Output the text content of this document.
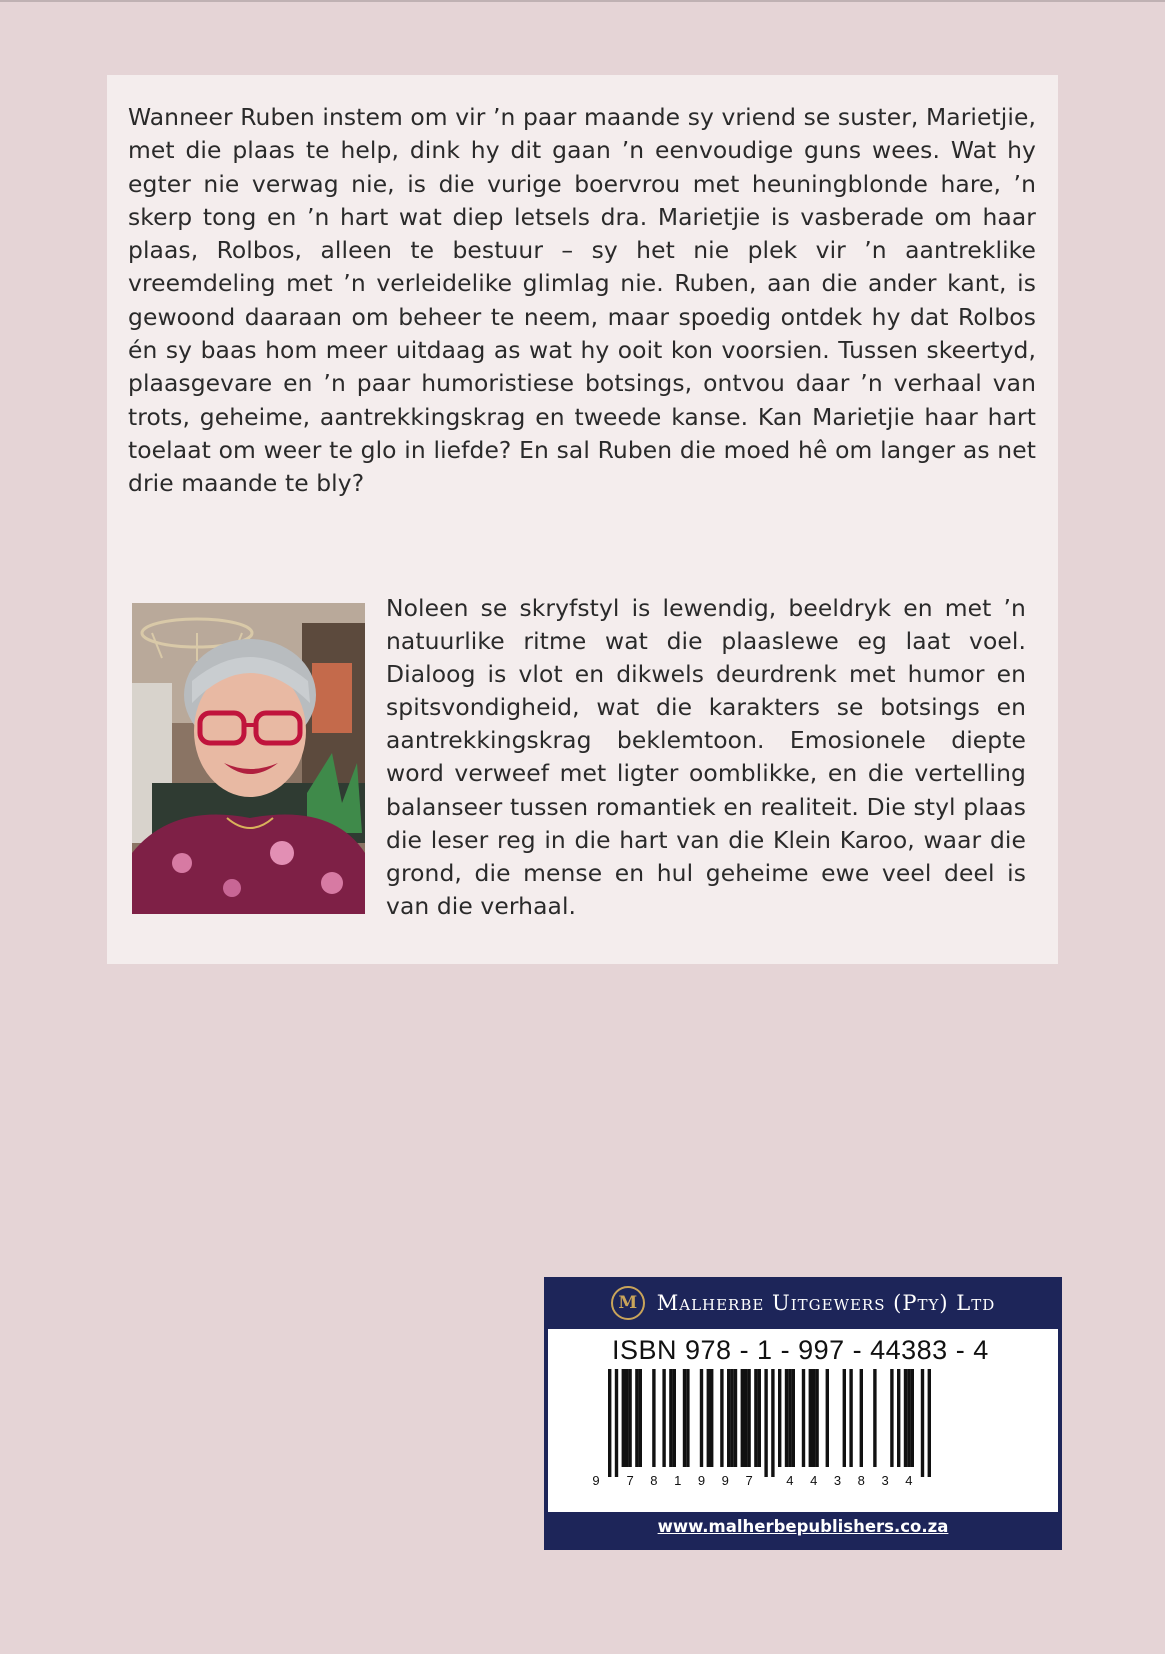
Wanneer Ruben instem om vir ’n paar maande sy vriend se suster, Marietjie, met die plaas te help, dink hy dit gaan ’n eenvoudige guns wees. Wat hy egter nie verwag nie, is die vurige boervrou met heuningblonde hare, ’n skerp tong en ’n hart wat diep letsels dra. Marietjie is vasberade om haar plaas, Rolbos, alleen te bestuur – sy het nie plek vir ’n aantreklike vreemdeling met ’n verleidelike glimlag nie. Ruben, aan die ander kant, is gewoond daaraan om beheer te neem, maar spoedig ontdek hy dat Rolbos én sy baas hom meer uitdaag as wat hy ooit kon voorsien. Tussen skeertyd, plaasgevare en ’n paar humoristiese botsings, ontvou daar ’n verhaal van trots, geheime, aantrekkingskrag en tweede kanse. Kan Marietjie haar hart toelaat om weer te glo in liefde? En sal Ruben die moed hê om langer as net drie maande te bly?

Noleen se skryfstyl is lewendig, beeldryk en met ’n natuurlike ritme wat die plaaslewe eg laat voel. Dialoog is vlot en dikwels deurdrenk met humor en spitsvondigheid, wat die karakters se botsings en aantrekkingskrag beklemtoon. Emosionele diepte word verweef met ligter oomblikke, en die vertelling balanseer tussen romantiek en realiteit. Die styl plaas die leser reg in die hart van die Klein Karoo, waar die grond, die mense en hul geheime ewe veel deel is van die verhaal.

M Malherbe Uitgewers (Pty) Ltd

ISBN 978 - 1 - 997 - 44383 - 4

9 7 8 1 9 9 7	4 4 3 8 3 4
www.malherbepublishers.co.za
